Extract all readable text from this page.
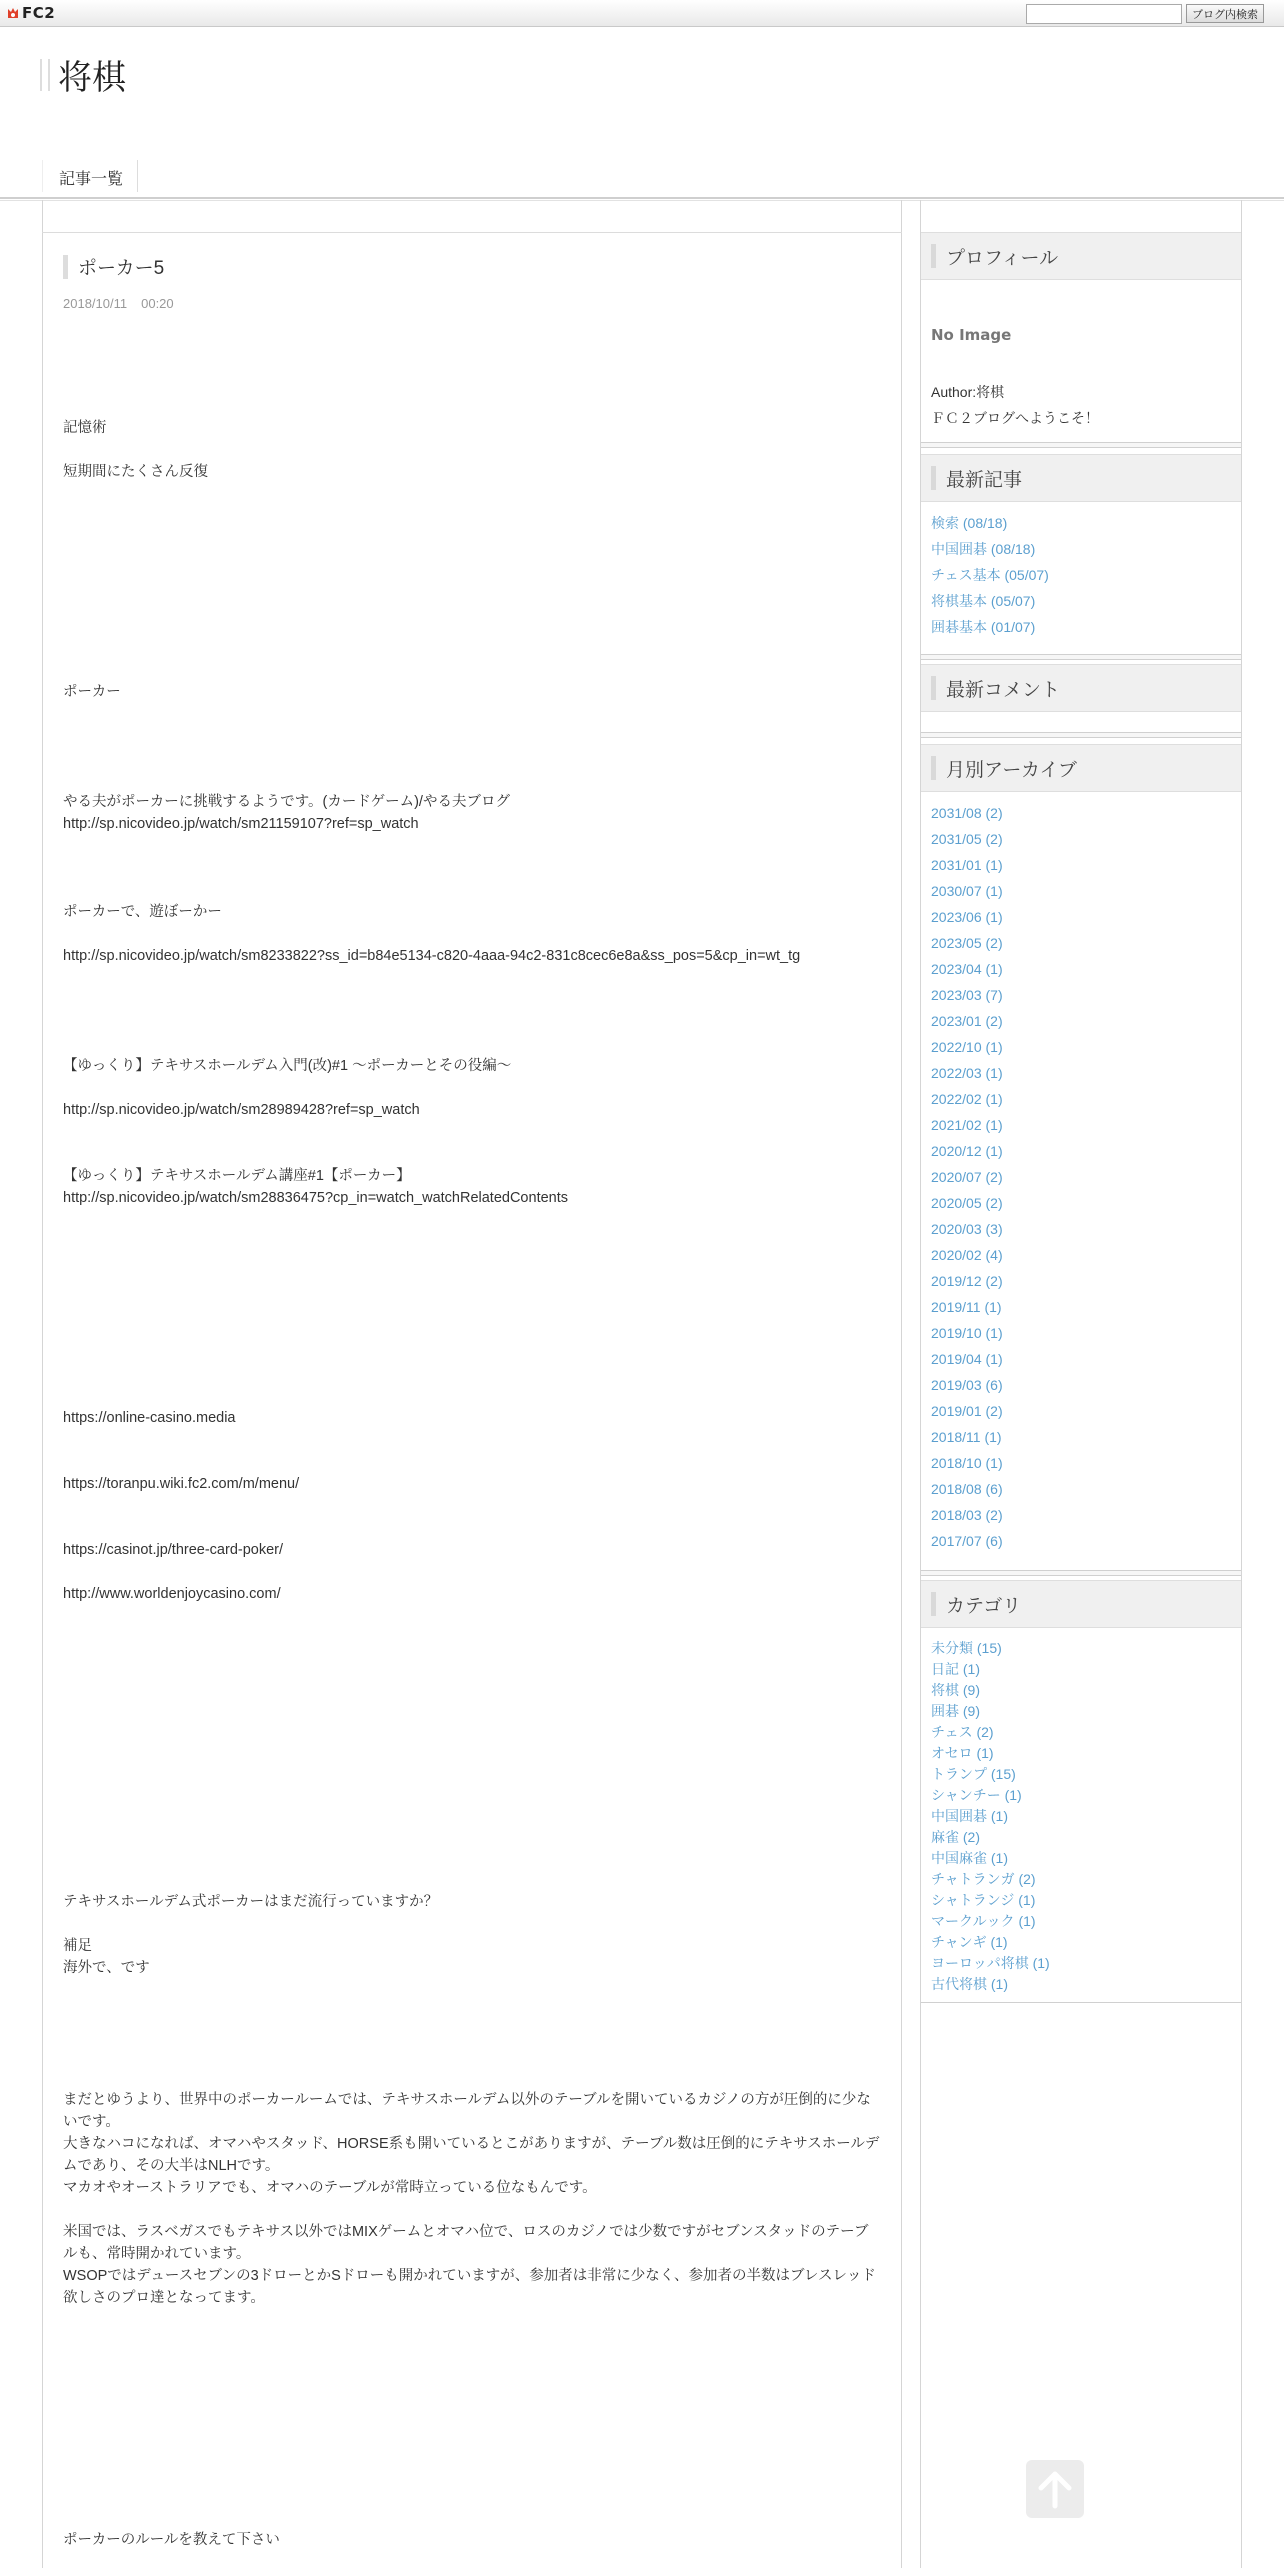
FC2	ブログ内検索
将棋
記事一覧
ポーカー5
2018/10/11 00:20
記憶術
短期間にたくさん反復
ポーカー
やる夫がポーカーに挑戦するようです。(カードゲーム)/やる夫ブログ
http://sp.nicovideo.jp/watch/sm21159107?ref=sp_watch
ポーカーで、遊ぼーかー
http://sp.nicovideo.jp/watch/sm8233822?ss_id=b84e5134-c820-4aaa-94c2-831c8cec6e8a&ss_pos=5&cp_in=wt_tg
【ゆっくり】テキサスホールデム入門(改)#1 ～ポーカーとその役編～
http://sp.nicovideo.jp/watch/sm28989428?ref=sp_watch
【ゆっくり】テキサスホールデム講座#1【ポーカー】
http://sp.nicovideo.jp/watch/sm28836475?cp_in=watch_watchRelatedContents
https://online-casino.media
https://toranpu.wiki.fc2.com/m/menu/
https://casinot.jp/three-card-poker/
http://www.worldenjoycasino.com/
テキサスホールデム式ポーカーはまだ流行っていますか？
補足
海外で、です
まだとゆうより、世界中のポーカールームでは、テキサスホールデム以外のテーブルを開いているカジノの方が圧倒的に少ないです。
大きなハコになれば、オマハやスタッド、HORSE系も開いているとこがありますが、テーブル数は圧倒的にテキサスホールデムであり、その大半はNLHです。
マカオやオーストラリアでも、オマハのテーブルが常時立っている位なもんです。
米国では、ラスベガスでもテキサス以外ではMIXゲームとオマハ位で、ロスのカジノでは少数ですがセブンスタッドのテーブルも、常時開かれています。
WSOPではデュースセブンの3ドローとかSドローも開かれていますが、参加者は非常に少なく、参加者の半数はブレスレッド欲しさのプロ達となってます。
ポーカーのルールを教えて下さい
プロフィール
No Image
Author:将棋
ＦＣ２ブログへようこそ！
最新記事
検索 (08/18)
中国囲碁 (08/18)
チェス基本 (05/07)
将棋基本 (05/07)
囲碁基本 (01/07)
最新コメント
月別アーカイブ
2031/08 (2)
2031/05 (2)
2031/01 (1)
2030/07 (1)
2023/06 (1)
2023/05 (2)
2023/04 (1)
2023/03 (7)
2023/01 (2)
2022/10 (1)
2022/03 (1)
2022/02 (1)
2021/02 (1)
2020/12 (1)
2020/07 (2)
2020/05 (2)
2020/03 (3)
2020/02 (4)
2019/12 (2)
2019/11 (1)
2019/10 (1)
2019/04 (1)
2019/03 (6)
2019/01 (2)
2018/11 (1)
2018/10 (1)
2018/08 (6)
2018/03 (2)
2017/07 (6)
カテゴリ
未分類 (15)
日記 (1)
将棋 (9)
囲碁 (9)
チェス (2)
オセロ (1)
トランプ (15)
シャンチー (1)
中国囲碁 (1)
麻雀 (2)
中国麻雀 (1)
チャトランガ (2)
シャトランジ (1)
マークルック (1)
チャンギ (1)
ヨーロッパ将棋 (1)
古代将棋 (1)
